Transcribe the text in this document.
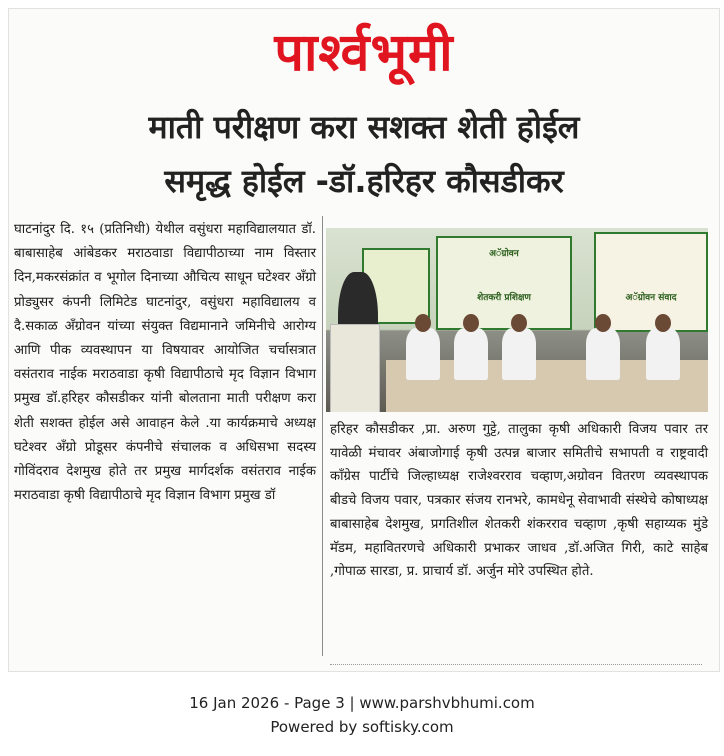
पार्श्वभूमी
माती परीक्षण करा सशक्त शेती होईल
समृद्ध होईल -डॉ.हरिहर कौसडीकर

घाटनांदुर दि. १५ (प्रतिनिधी) येथील वसुंधरा महाविद्यालयात डॉ. बाबासाहेब आंबेडकर मराठवाडा विद्यापीठाच्या नाम विस्तार दिन,मकरसंक्रांत व भूगोल दिनाच्या औचित्य साधून घटेश्वर अँग्रो प्रोड्युसर कंपनी लिमिटेड घाटनांदुर, वसुंधरा महाविद्यालय व दै.सकाळ अँग्रोवन यांच्या संयुक्त विद्यमानाने जमिनीचे आरोग्य आणि पीक व्यवस्थापन या विषयावर आयोजित चर्चासत्रात वसंतराव नाईक मराठवाडा कृषी विद्यापीठाचे मृद विज्ञान विभाग प्रमुख डॉ.हरिहर कौसडीकर यांनी बोलताना माती परीक्षण करा शेती सशक्त होईल असे आवाहन केले .या कार्यक्रमाचे अध्यक्ष घटेश्वर अँग्रो प्रोडूसर कंपनीचे संचालक व अधिसभा सदस्य गोविंदराव देशमुख होते तर प्रमुख मार्गदर्शक वसंतराव नाईक मराठवाडा कृषी विद्यापीठाचे मृद विज्ञान विभाग प्रमुख डॉ

अॅग्रोवन
शेतकरी प्रशिक्षण	अॅग्रोवन संवाद

हरिहर कौसडीकर ,प्रा. अरुण गुट्टे, तालुका कृषी अधिकारी विजय पवार तर यावेळी मंचावर अंबाजोगाई कृषी उत्पन्न बाजार समितीचे सभापती व राष्ट्रवादी कॉंग्रेस पार्टीचे जिल्हाध्यक्ष राजेश्वरराव चव्हाण,अग्रोवन वितरण व्यवस्थापक बीडचे विजय पवार, पत्रकार संजय रानभरे, कामधेनू सेवाभावी संस्थेचे कोषाध्यक्ष बाबासाहेब देशमुख, प्रगतिशील शेतकरी शंकरराव चव्हाण ,कृषी सहाय्यक मुंडे मॅडम, महावितरणचे अधिकारी प्रभाकर जाधव ,डॉ.अजित गिरी, काटे साहेब ,गोपाळ सारडा, प्र. प्राचार्य डॉ. अर्जुन मोरे उपस्थित होते.

16 Jan 2026 - Page 3 | www.parshvbhumi.com
Powered by softisky.com
